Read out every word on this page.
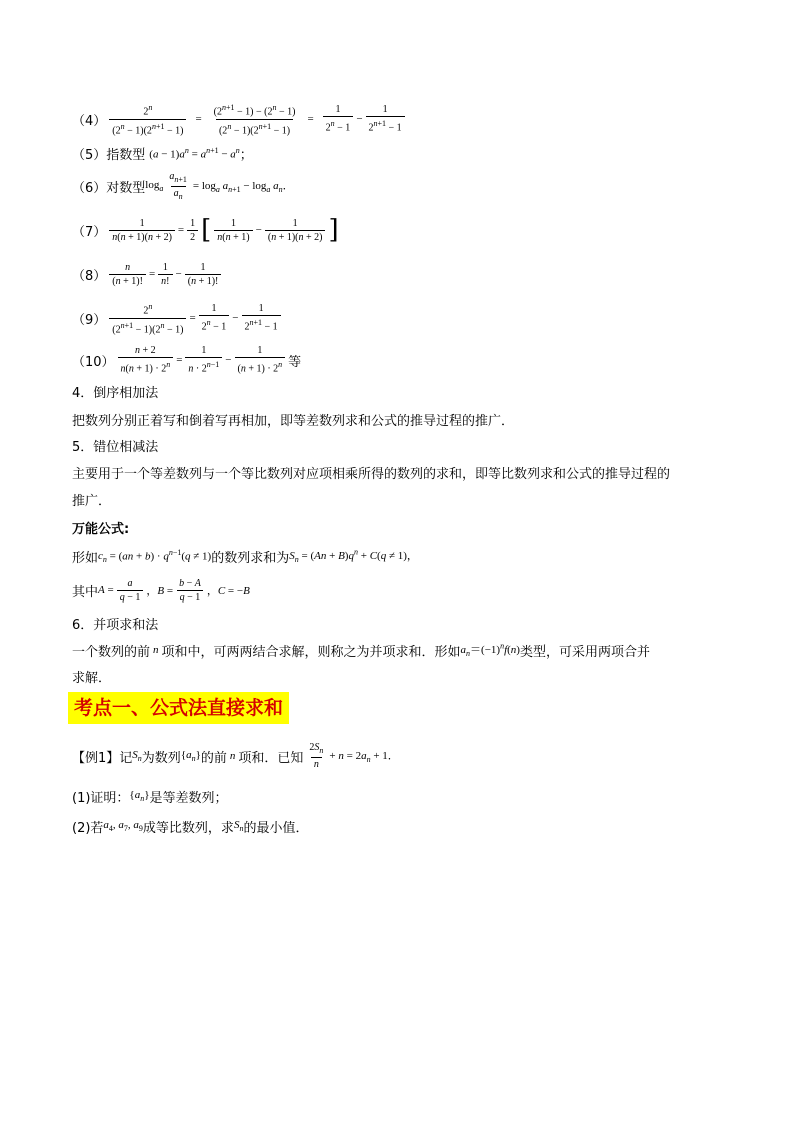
$(4) \frac{2^n}{(2^n - 1)(2^{n+1} - 1)} = \frac{(2^{n+1} - 1) - (2^n - 1)}{(2^n - 1)(2^{n+1} - 1)} = \frac{1}{2^n - 1} - \frac{1}{2^{n+1} - 1}$
（5） 指数型 $(a - 1)a^n = a^{n+1} - a^n$ ；
（6） 对数型 $\log_a \frac{a_{n+1}}{a_n} = \log_a a_{n+1} - \log_a a_n$．
$(7) \frac{1}{n(n + 1)(n + 2)} = \frac{1}{2}$ [ $\frac{1}{n(n + 1)} - \frac{1}{(n + 1)(n + 2)}$ ]
$(8) \frac{n}{(n + 1)!} = \frac{1}{n!} - \frac{1}{(n + 1)!}$
$(9) \frac{2^n}{(2^{n+1} - 1)(2^n - 1)} = \frac{1}{2^n - 1} - \frac{1}{2^{n+1} - 1}$
$(10) \frac{n + 2}{n(n + 1) \cdot 2^n} = \frac{1}{n \cdot 2^{n-1}} - \frac{1}{(n + 1) \cdot 2^n}$ 等
4．倒序相加法
把数列分别正着写和倒着写再相加，即等差数列求和公式的推导过程的推广．
5．错位相减法
主要用于一个等差数列与一个等比数列对应项相乘所得的数列的求和，即等比数列求和公式的推导过程的
推广．
万能公式:
形如 $c_n = (an + b) \cdot q^{n-1}(q \ne 1)$ 的数列求和为 $S_n = (An + B)q^n + C(q \ne 1)$，
其中 $A = \frac{a}{q - 1}$ ，$B = \frac{b - A}{q - 1}$ ，C = −B
6．并项求和法
一个数列的前 n 项和中，可两两结合求解，则称之为并项求和．形如 $a_n=(-1)^nf(n)$ 类型，可采用两项合并
求解．
考点一、公式法直接求和
【例1】 记 $S_n$ 为数列 $\{a_n\}$ 的前 n 项和．已知 $\frac{2S_n}{n} + n = 2a_n + 1$．
(1)证明： $\{a_n\}$ 是等差数列；
(2)若 $a_4$, $a_7$, $a_9$ 成等比数列，求 $S_n$ 的最小值．
